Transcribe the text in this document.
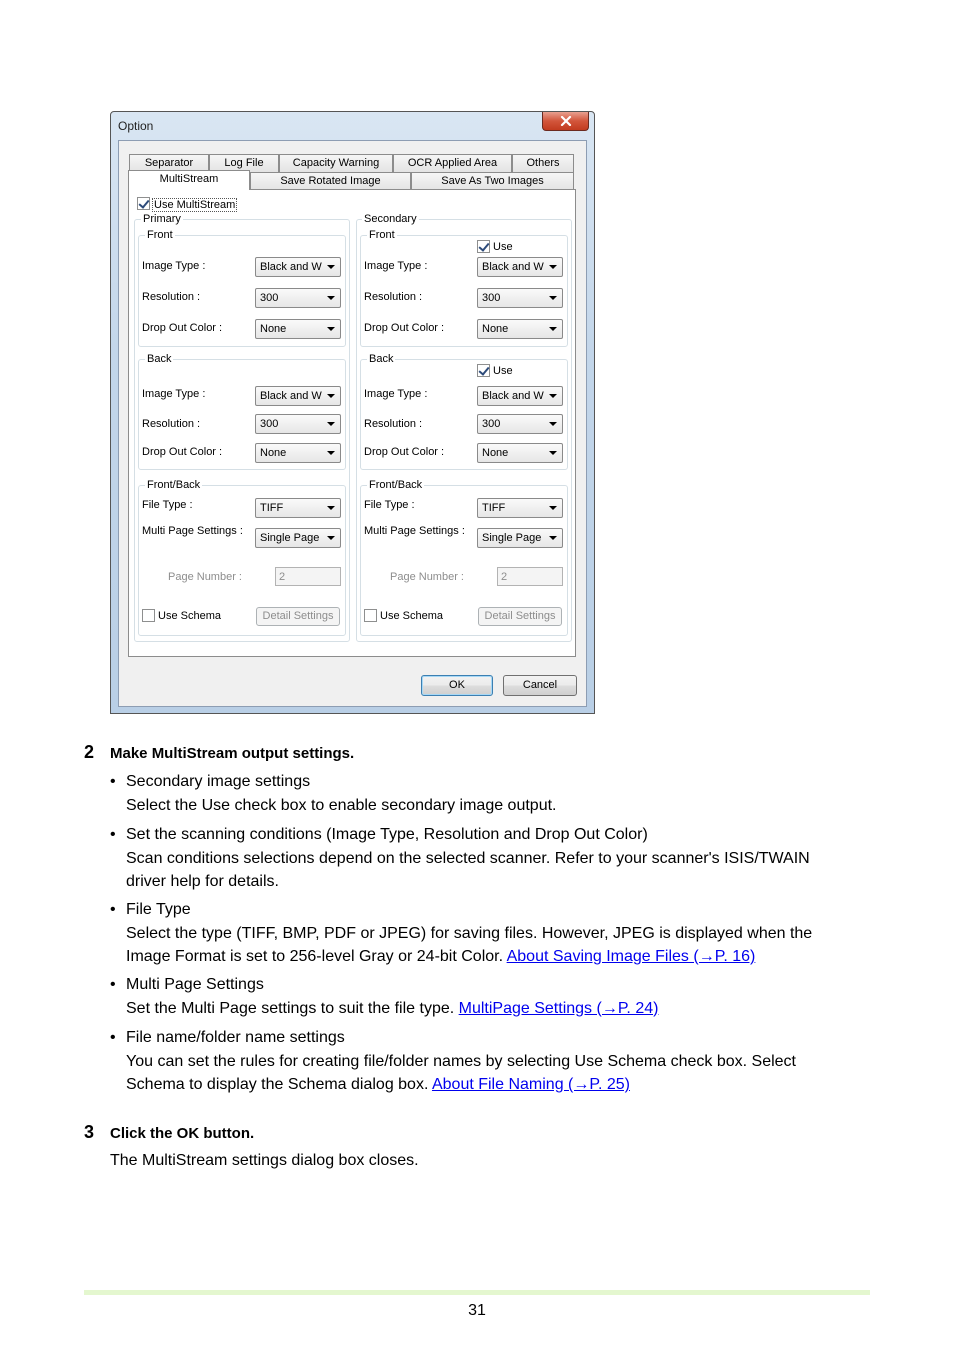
Option
Separator	Log File	Capacity Warning	OCR Applied Area	Others
MultiStream	Save Rotated Image	Save As Two Images
Use MultiStream
Primary
Front
Image Type :	Black and W
Resolution :	300
Drop Out Color :	None
Back
Image Type :	Black and W
Resolution :	300
Drop Out Color :	None
Front/Back
File Type :	TIFF
Multi Page Settings :
Single Page
Page Number :	2
Use Schema	Detail Settings
Secondary
Front
Use
Image Type :	Black and W
Resolution :	300
Drop Out Color :	None
Back
Use
Image Type :	Black and W
Resolution :	300
Drop Out Color :	None
Front/Back
File Type :	TIFF
Multi Page Settings :
Single Page
Page Number :	2
Use Schema	Detail Settings
OK	Cancel
2 Make MultiStream output settings.
• Secondary image settings
Select the Use check box to enable secondary image output.
• Set the scanning conditions (Image Type, Resolution and Drop Out Color)
Scan conditions selections depend on the selected scanner. Refer to your scanner's ISIS/TWAIN
driver help for details.
• File Type
Select the type (TIFF, BMP, PDF or JPEG) for saving files. However, JPEG is displayed when the
Image Format is set to 256-level Gray or 24-bit Color. About Saving Image Files (→P. 16)
• Multi Page Settings
Set the Multi Page settings to suit the file type. MultiPage Settings (→P. 24)
• File name/folder name settings
You can set the rules for creating file/folder names by selecting Use Schema check box. Select
Schema to display the Schema dialog box. About File Naming (→P. 25)
3 Click the OK button.
The MultiStream settings dialog box closes.
31
